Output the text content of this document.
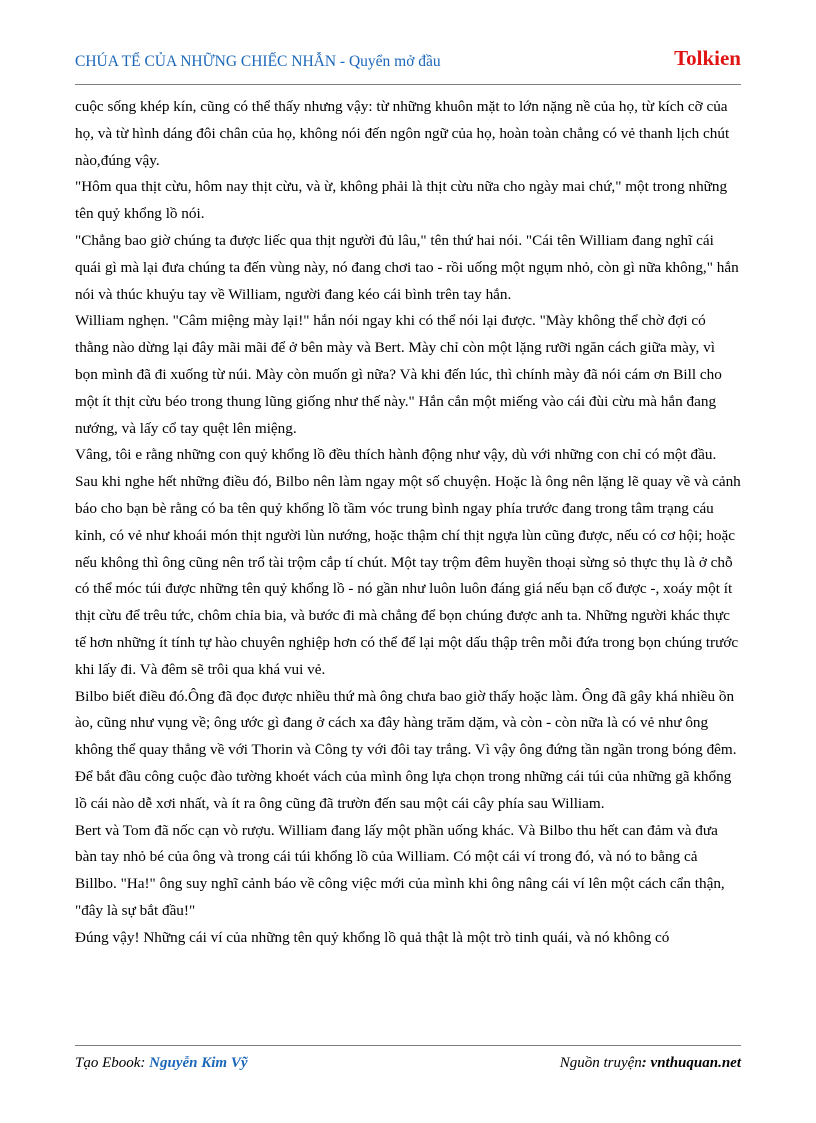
CHÚA TỂ CỦA NHỮNG CHIẾC NHẪN - Quyển mở đầu	Tolkien

cuộc sống khép kín, cũng có thể thấy nhưng vậy: từ những khuôn mặt to lớn nặng nề của họ, từ kích cỡ của họ, và từ hình dáng đôi chân của họ, không nói đến ngôn ngữ của họ, hoàn toàn chẳng có vẻ thanh lịch chút nào,đúng vậy.

"Hôm qua thịt cừu, hôm nay thịt cừu, và ừ, không phải là thịt cừu nữa cho ngày mai chứ," một trong những tên quỷ khổng lồ nói.

"Chẳng bao giờ chúng ta được liếc qua thịt người đủ lâu," tên thứ hai nói. "Cái tên William đang nghĩ cái quái gì mà lại đưa chúng ta đến vùng này, nó đang chơi tao - rồi uống một ngụm nhỏ, còn gì nữa không," hắn nói và thúc khuỷu tay về William, người đang kéo cái bình trên tay hắn.

William nghẹn. "Câm miệng mày lại!" hắn nói ngay khi có thể nói lại được. "Mày không thể chờ đợi có thằng nào dừng lại đây mãi mãi để ở bên mày và Bert. Mày chỉ còn một lặng rưỡi ngăn cách giữa mày, vì bọn mình đã đi xuống từ núi. Mày còn muốn gì nữa? Và khi đến lúc, thì chính mày đã nói cám ơn Bill cho một ít thịt cừu béo trong thung lũng giống như thế này." Hắn cắn một miếng vào cái đùi cừu mà hắn đang nướng, và lấy cổ tay quệt lên miệng.

Vâng, tôi e rằng những con quỷ khổng lồ đều thích hành động như vậy, dù với những con chỉ có một đầu. Sau khi nghe hết những điều đó, Bilbo nên làm ngay một số chuyện. Hoặc là ông nên lặng lẽ quay về và cảnh báo cho bạn bè rằng có ba tên quỷ khổng lồ tầm vóc trung bình ngay phía trước đang trong tâm trạng cáu kỉnh, có vẻ như khoái món thịt người lùn nướng, hoặc thậm chí thịt ngựa lùn cũng được, nếu có cơ hội; hoặc nếu không thì ông cũng nên trổ tài trộm cắp tí chút. Một tay trộm đêm huyền thoại sừng sỏ thực thụ là ở chỗ có thể móc túi được những tên quỷ khổng lồ - nó gần như luôn luôn đáng giá nếu bạn cố được -, xoáy một ít thịt cừu để trêu tức, chôm chỉa bia, và bước đi mà chẳng để bọn chúng được anh ta. Những người khác thực tế hơn những ít tính tự hào chuyên nghiệp hơn có thể để lại một dấu thập trên mỗi đứa trong bọn chúng trước khi lấy đi. Và đêm sẽ trôi qua khá vui vẻ.

Bilbo biết điều đó.Ông đã đọc được nhiều thứ mà ông chưa bao giờ thấy hoặc làm. Ông đã gây khá nhiều ồn ào, cũng như vụng về; ông ước gì đang ở cách xa đây hàng trăm dặm, và còn - còn nữa là có vẻ như ông không thể quay thẳng về với Thorin và Công ty với đôi tay trắng. Vì vậy ông đứng tần ngần trong bóng đêm. Để bắt đầu công cuộc đào tường khoét vách của mình ông lựa chọn trong những cái túi của những gã khổng lồ cái nào dễ xơi nhất, và ít ra ông cũng đã trườn đến sau một cái cây phía sau William.

Bert và Tom đã nốc cạn vò rượu. William đang lấy một phần uống khác. Và Bilbo thu hết can đảm và đưa bàn tay nhỏ bé của ông và trong cái túi khổng lồ của William. Có một cái ví trong đó, và nó to bằng cả Billbo. "Ha!" ông suy nghĩ cảnh báo về công việc mới của mình khi ông nâng cái ví lên một cách cẩn thận, "đây là sự bắt đầu!"

Đúng vậy! Những cái ví của những tên quỷ khổng lồ quả thật là một trò tinh quái, và nó không có

Tạo Ebook: Nguyễn Kim Vỹ	Nguồn truyện: vnthuquan.net
